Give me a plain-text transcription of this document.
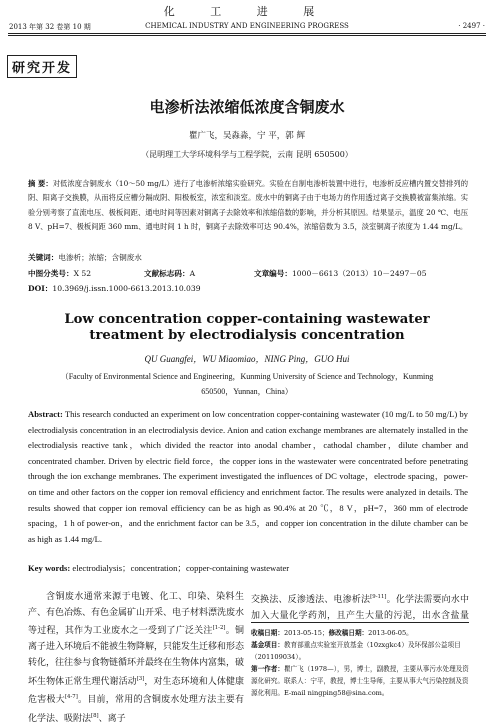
化 工 进 展
2013 年第 32 卷第 10 期	CHEMICAL INDUSTRY AND ENGINEERING PROGRESS	· 2497 ·
研究开发
电渗析法浓缩低浓度含铜废水
瞿广飞，吴淼淼，宁 平，郭 辉
（昆明理工大学环境科学与工程学院，云南 昆明 650500）
摘 要：对低浓度含铜废水（10～50 mg/L）进行了电渗析浓缩实验研究。实验在自制电渗析装置中进行，电渗析反应槽内置交替排列的阴、阳离子交换膜，从而将反应槽分隔成阴、阳极板室，浓室和淡室。废水中的铜离子由于电场力的作用透过离子交换膜被富集浓缩。实验分别考察了直流电压、极板间距、通电时间等因素对铜离子去除效率和浓缩倍数的影响，并分析其原因。结果显示，温度 20 ℃、电压 8 V、pH=7、极板间距 360 mm、通电时间 1 h 时，铜离子去除效率可达 90.4%，浓缩倍数为 3.5，淡室铜离子浓度为 1.44 mg/L。
关键词：电渗析；浓缩；含铜废水
中图分类号：X 52	文献标志码：A	文章编号：1000－6613（2013）10－2497－05
DOI：10.3969/j.issn.1000-6613.2013.10.039
Low concentration copper-containing wastewater treatment by electrodialysis concentration
QU Guangfei，WU Miaomiao，NING Ping，GUO Hui
（Faculty of Environmental Science and Engineering，Kunming University of Science and Technology，Kunming
650500，Yunnan，China）
Abstract: This research conducted an experiment on low concentration copper-containing wastewater (10 mg/L to 50 mg/L) by electrodialysis concentration in an electrodialysis device. Anion and cation exchange membranes are alternately installed in the electrodialysis reactive tank，which divided the reactor into anodal chamber，cathodal chamber，dilute chamber and concentrated chamber. Driven by electric field force，the copper ions in the wastewater were concentrated before penetrating through the ion exchange membranes. The experiment investigated the influences of DC voltage，electrode spacing，power-on time and other factors on the copper ion removal efficiency and enrichment factor. The results were analyzed in details. The results showed that copper ion removal efficiency can be as high as 90.4% at 20 ℃，8 V，pH=7，360 mm of electrode spacing，1 h of power-on，and the enrichment factor can be 3.5，and copper ion concentration in the dilute chamber can be as high as 1.44 mg/L.
Key words: electrodialysis；concentration；copper-containing wastewater
含铜废水通常来源于电镀、化工、印染、染料生产、有色冶炼、有色金属矿山开采、电子材料漂洗废水等过程，其作为工业废水之一受到了广泛关注[1-2]。铜离子进入环境后不能被生物降解，只能发生迁移和形态转化，往往参与食物链循环并最终在生物体内富集，破坏生物体正常生理代谢活动[3]，对生态环境和人体健康危害极大[4-7]。目前，常用的含铜废水处理方法主要有化学法、吸附法[8]、离子
交换法、反渗透法、电渗析法[9-11]。化学法需要向水中加入大量化学药剂，且产生大量的污泥，出水含盐量
收稿日期：2013-05-15；修改稿日期：2013-06-05。
基金项目：教育部重点实验室开放基金（10zxgkc4）及环保部公益项目（201109034）。
第一作者：瞿广飞（1978—），男，博士，副教授，主要从事污水处理及资源化研究。联系人：宁平，教授，博士生导师，主要从事大气污染控制及资源化利用。E-mail ningping58@sina.com。
